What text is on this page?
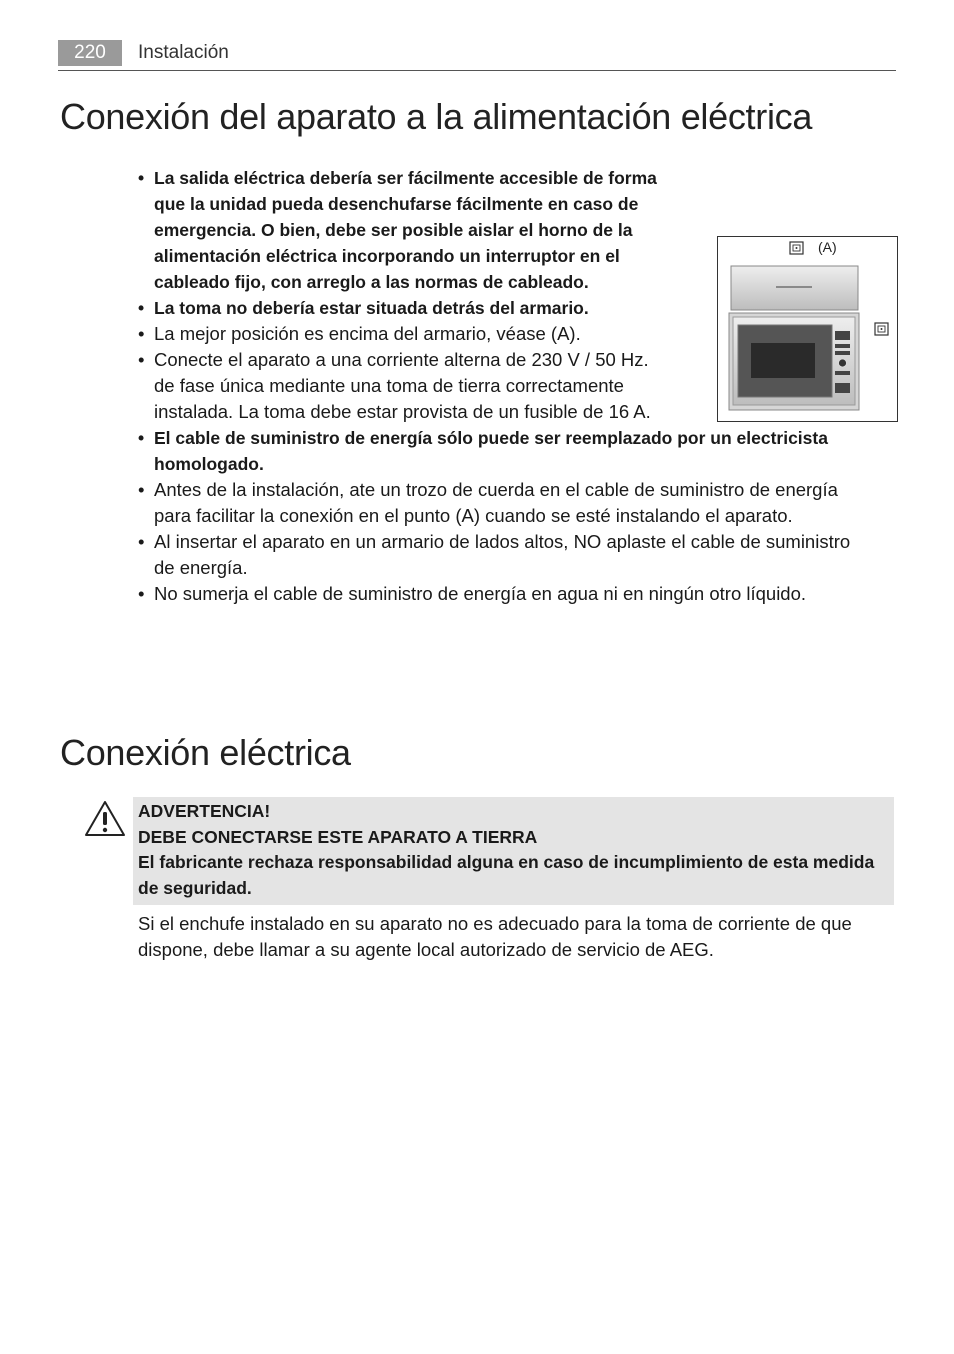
220	Instalación
Conexión del aparato a la alimentación eléctrica
• La salida eléctrica debería ser fácilmente accesible de forma que la unidad pueda desenchufarse fácilmente en caso de emergencia. O bien, debe ser posible aislar el horno de la alimentación eléctrica incorporando un interruptor en el cableado fijo, con arreglo a las normas de cableado.
• La toma no debería estar situada detrás del armario.
• La mejor posición es encima del armario, véase (A).
• Conecte el aparato a una corriente alterna de 230 V / 50 Hz. de fase única mediante una toma de tierra correctamente instalada. La toma debe estar provista de un fusible de 16 A.
• El cable de suministro de energía sólo puede ser reemplazado por un electricista homologado.
• Antes de la instalación, ate un trozo de cuerda en el cable de suministro de energía para facilitar la conexión en el punto (A) cuando se esté instalando el aparato.
• Al insertar el aparato en un armario de lados altos, NO aplaste el cable de suministro de energía.
• No sumerja el cable de suministro de energía en agua ni en ningún otro líquido.
(A)
Conexión eléctrica
ADVERTENCIA!
DEBE CONECTARSE ESTE APARATO A TIERRA
El fabricante rechaza responsabilidad alguna en caso de incumplimiento de esta medida de seguridad.

Si el enchufe instalado en su aparato no es adecuado para la toma de corriente de que dispone, debe llamar a su agente local autorizado de servicio de AEG.
